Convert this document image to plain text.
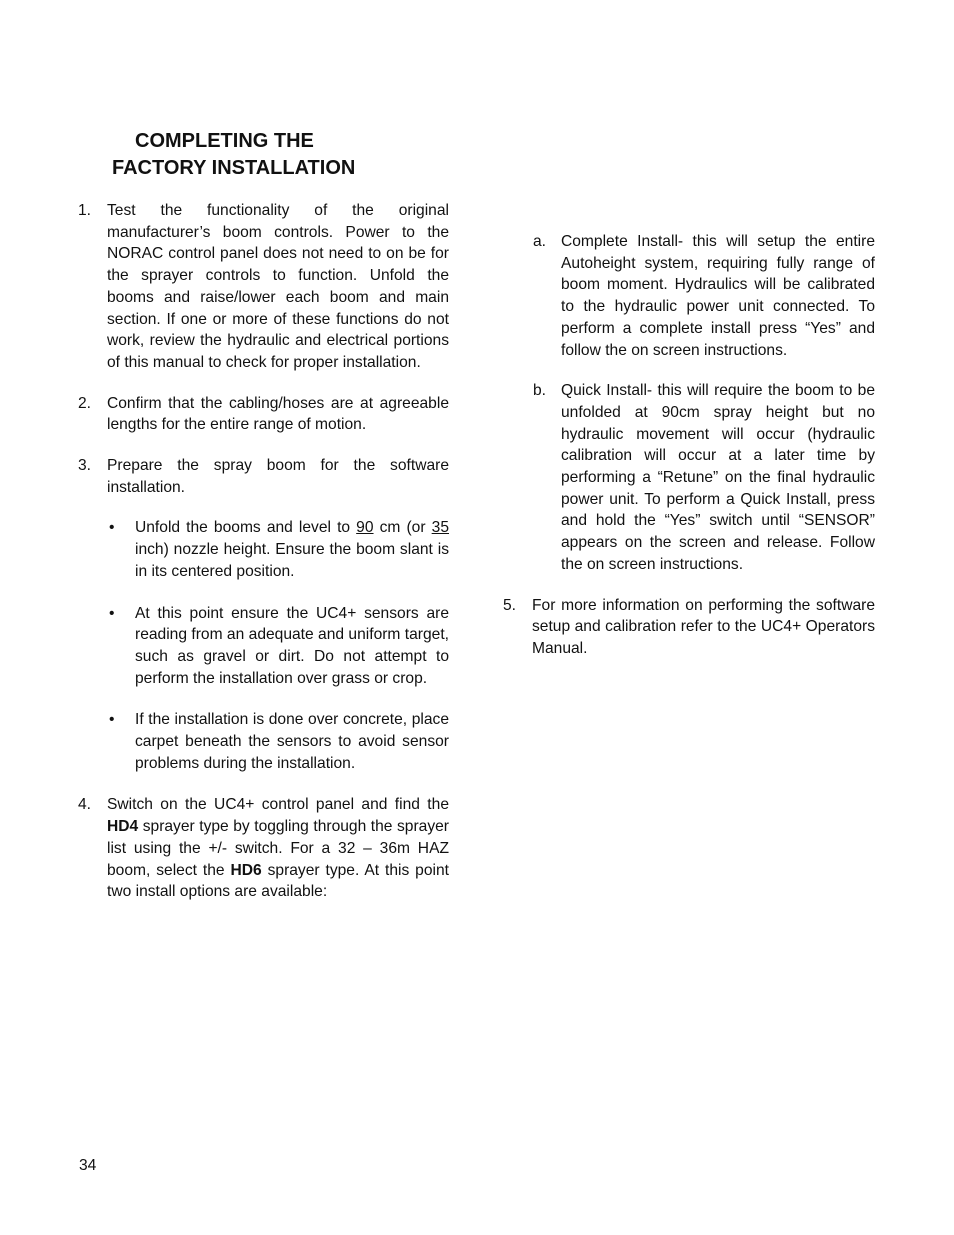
COMPLETING THE
FACTORY INSTALLATION
1. Test the functionality of the original manufacturer’s boom controls. Power to the NORAC control panel does not need to on be for the sprayer controls to function. Unfold the booms and raise/lower each boom and main section. If one or more of these functions do not work, review the hydraulic and electrical portions of this manual to check for proper installation.
2. Confirm that the cabling/hoses are at agreeable lengths for the entire range of motion.
3. Prepare the spray boom for the software installation.
• Unfold the booms and level to 90 cm (or 35 inch) nozzle height. Ensure the boom slant is in its centered position.
• At this point ensure the UC4+ sensors are reading from an adequate and uniform target, such as gravel or dirt. Do not attempt to perform the installation over grass or crop.
• If the installation is done over concrete, place carpet beneath the sensors to avoid sensor problems during the installation.
4. Switch on the UC4+ control panel and find the HD4 sprayer type by toggling through the sprayer list using the +/- switch. For a 32 – 36m HAZ boom, select the HD6 sprayer type. At this point two install options are available:
a. Complete Install- this will setup the entire Autoheight system, requiring fully range of boom moment. Hydraulics will be calibrated to the hydraulic power unit connected. To perform a complete install press “Yes” and follow the on screen instructions.
b. Quick Install- this will require the boom to be unfolded at 90cm spray height but no hydraulic movement will occur (hydraulic calibration will occur at a later time by performing a “Retune” on the final hydraulic power unit. To perform a Quick Install, press and hold the “Yes” switch until “SENSOR” appears on the screen and release. Follow the on screen instructions.
5. For more information on performing the software setup and calibration refer to the UC4+ Operators Manual.
34
